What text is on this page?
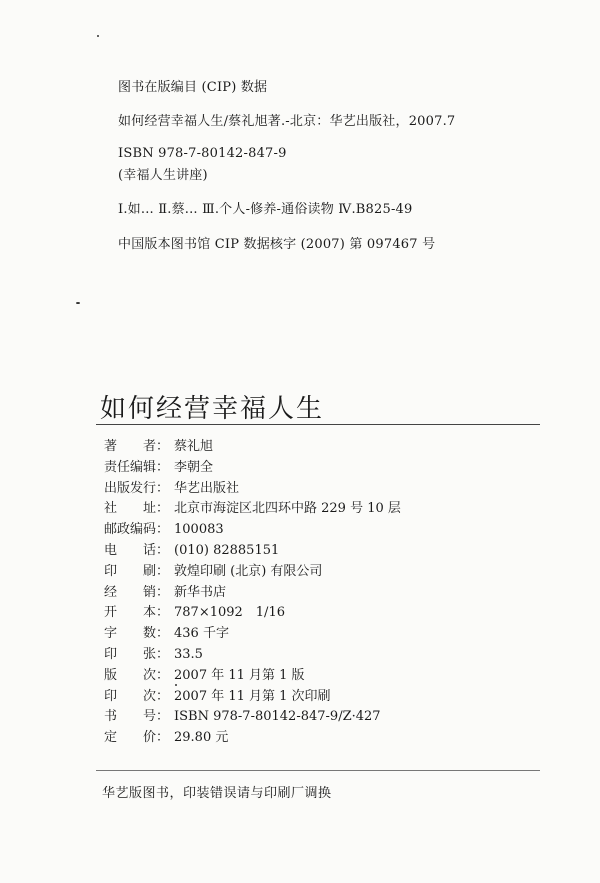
图书在版编目 (CIP) 数据
如何经营幸福人生/蔡礼旭著.-北京：华艺出版社，2007.7
ISBN 978-7-80142-847-9
(幸福人生讲座)
Ⅰ.如... Ⅱ.蔡... Ⅲ.个人-修养-通俗读物 Ⅳ.B825-49
中国版本图书馆 CIP 数据核字 (2007) 第 097467 号
如何经营幸福人生
著　　者： 蔡礼旭
责任编辑： 李朝全
出版发行： 华艺出版社
社　　址： 北京市海淀区北四环中路 229 号 10 层
邮政编码： 100083
电　　话： (010) 82885151
印　　刷： 敦煌印刷 (北京) 有限公司
经　　销： 新华书店
开　　本： 787×1092　1/16
字　　数： 436 千字
印　　张： 33.5
版　　次： 2007 年 11 月第 1 版
印　　次： 2007 年 11 月第 1 次印刷
书　　号： ISBN 978-7-80142-847-9/Z·427
定　　价： 29.80 元
华艺版图书，印装错误请与印刷厂调换
